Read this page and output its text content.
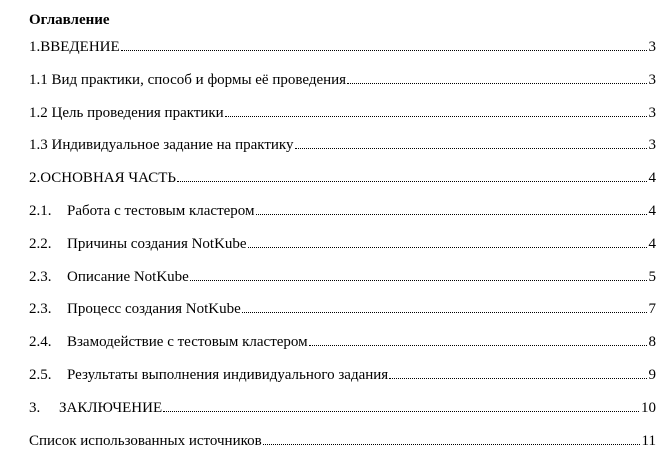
Оглавление
1.ВВЕДЕНИЕ	3
1.1 Вид практики, способ и формы её проведения	3
1.2 Цель проведения практики	3
1.3 Индивидуальное задание на практику	3
2.ОСНОВНАЯ ЧАСТЬ	4
2.1. Работа с тестовым кластером	4
2.2. Причины создания NotKube	4
2.3. Описание NotKube	5
2.3. Процесс создания NotKube	7
2.4. Взамодействие с тестовым кластером	8
2.5. Результаты выполнения индивидуального задания	9
3. ЗАКЛЮЧЕНИЕ	10
Список использованных источников	11
